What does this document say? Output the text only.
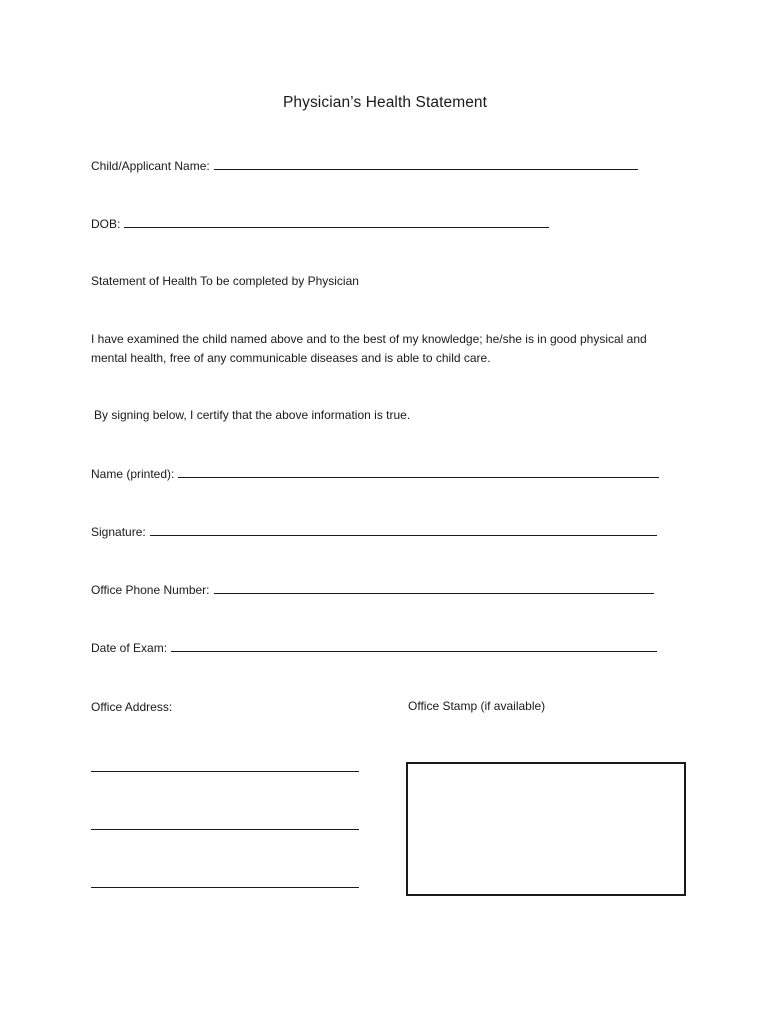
Physician’s Health Statement
Child/Applicant Name:
DOB:
Statement of Health To be completed by Physician
I have examined the child named above and to the best of my knowledge; he/she is in good physical and
mental health, free of any communicable diseases and is able to child care.
By signing below, I certify that the above information is true.
Name (printed):
Signature:
Office Phone Number:
Date of Exam:
Office Address:	Office Stamp (if available)
